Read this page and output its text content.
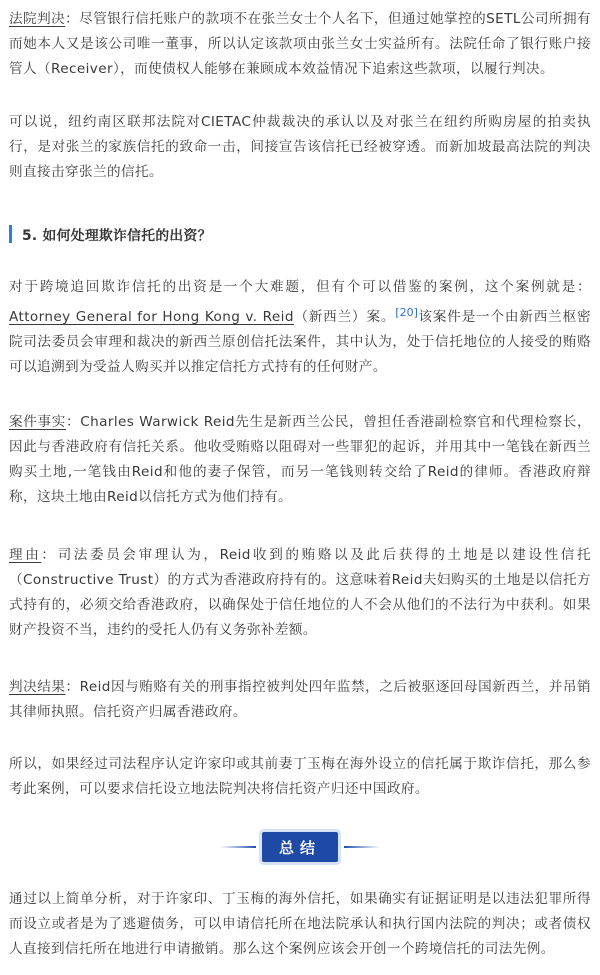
法院判决：尽管银行信托账户的款项不在张兰女士个人名下，但通过她掌控的SETL公司所拥有而她本人又是该公司唯一董事，所以认定该款项由张兰女士实益所有。法院任命了银行账户接管人（Receiver），而使债权人能够在兼顾成本效益情况下追索这些款项，以履行判决。

可以说，纽约南区联邦法院对CIETAC仲裁裁决的承认以及对张兰在纽约所购房屋的拍卖执行，是对张兰的家族信托的致命一击，间接宣告该信托已经被穿透。而新加坡最高法院的判决则直接击穿张兰的信托。

5. 如何处理欺诈信托的出资？

对于跨境追回欺诈信托的出资是一个大难题，但有个可以借鉴的案例，这个案例就是：Attorney General for Hong Kong v. Reid（新西兰）案。[20]该案件是一个由新西兰枢密院司法委员会审理和裁决的新西兰原创信托法案件，其中认为，处于信托地位的人接受的贿赂可以追溯到为受益人购买并以推定信托方式持有的任何财产。

案件事实：Charles Warwick Reid先生是新西兰公民，曾担任香港副检察官和代理检察长，因此与香港政府有信托关系。他收受贿赂以阻碍对一些罪犯的起诉，并用其中一笔钱在新西兰购买土地,一笔钱由Reid和他的妻子保管，而另一笔钱则转交给了Reid的律师。香港政府辩称，这块土地由Reid以信托方式为他们持有。

理由：司法委员会审理认为，Reid收到的贿赂以及此后获得的土地是以建设性信托（Constructive Trust）的方式为香港政府持有的。这意味着Reid夫妇购买的土地是以信托方式持有的，必须交给香港政府，以确保处于信任地位的人不会从他们的不法行为中获利。如果财产投资不当，违约的受托人仍有义务弥补差额。

判决结果：Reid因与贿赂有关的刑事指控被判处四年监禁，之后被驱逐回母国新西兰，并吊销其律师执照。信托资产归属香港政府。

所以，如果经过司法程序认定许家印或其前妻丁玉梅在海外设立的信托属于欺诈信托，那么参考此案例，可以要求信托设立地法院判决将信托资产归还中国政府。

总结

通过以上简单分析，对于许家印、丁玉梅的海外信托，如果确实有证据证明是以违法犯罪所得而设立或者是为了逃避债务，可以申请信托所在地法院承认和执行国内法院的判决；或者债权人直接到信托所在地进行申请撤销。那么这个案例应该会开创一个跨境信托的司法先例。
